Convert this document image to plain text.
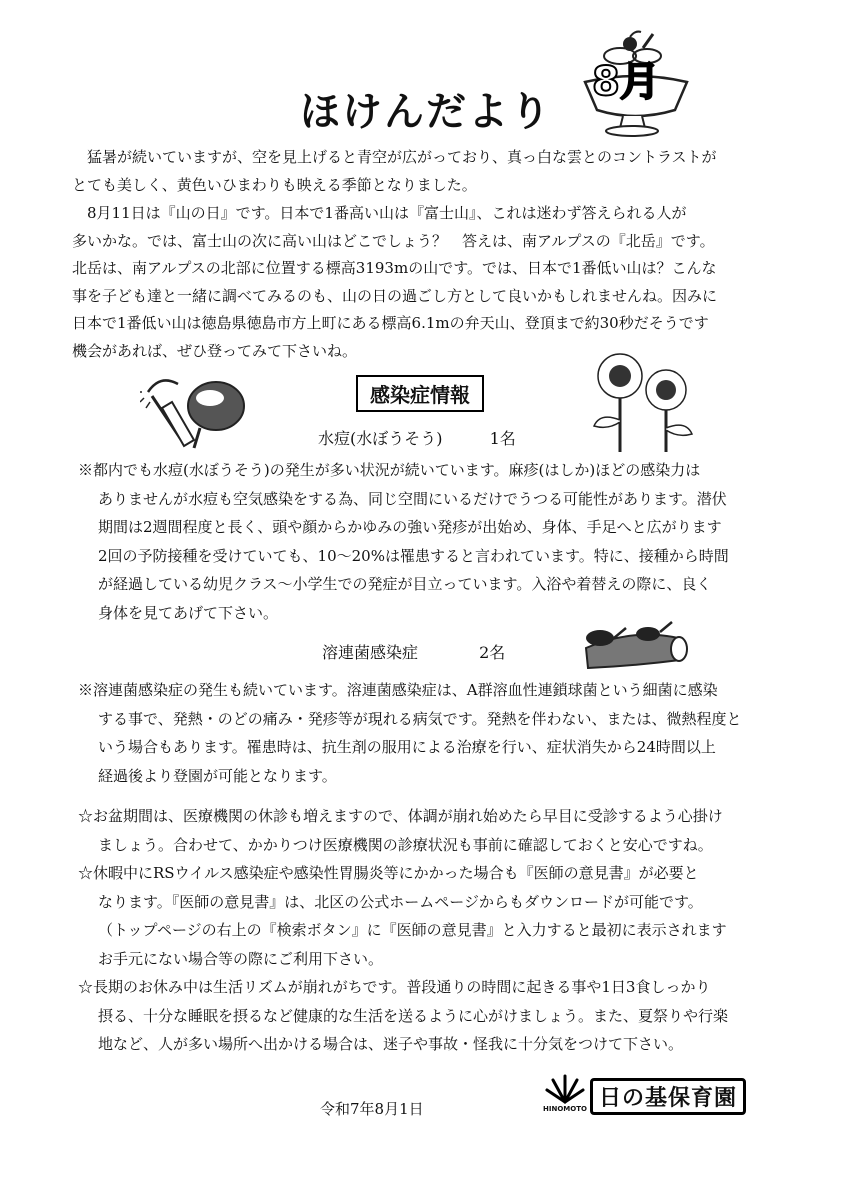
ほけんだより
8月
　猛暑が続いていますが、空を見上げると青空が広がっており、真っ白な雲とのコントラストが
とても美しく、黄色いひまわりも映える季節となりました。
　8月11日は『山の日』です。日本で1番高い山は『富士山』、これは迷わず答えられる人が
多いかな。では、富士山の次に高い山はどこでしょう？　答えは、南アルプスの『北岳』です。
北岳は、南アルプスの北部に位置する標高3193mの山です。では、日本で1番低い山は？こんな
事を子ども達と一緒に調べてみるのも、山の日の過ごし方として良いかもしれませんね。因みに
日本で1番低い山は徳島県徳島市方上町にある標高6.1mの弁天山、登頂まで約30秒だそうです
機会があれば、ぜひ登ってみて下さいね。
感染症情報
水痘(水ぼうそう)	1名
※都内でも水痘(水ぼうそう)の発生が多い状況が続いています。麻疹(はしか)ほどの感染力は
ありませんが水痘も空気感染をする為、同じ空間にいるだけでうつる可能性があります。潜伏
期間は2週間程度と長く、頭や顔からかゆみの強い発疹が出始め、身体、手足へと広がります
2回の予防接種を受けていても、10～20%は罹患すると言われています。特に、接種から時間
が経過している幼児クラス～小学生での発症が目立っています。入浴や着替えの際に、良く
身体を見てあげて下さい。
溶連菌感染症	2名
※溶連菌感染症の発生も続いています。溶連菌感染症は、A群溶血性連鎖球菌という細菌に感染
する事で、発熱・のどの痛み・発疹等が現れる病気です。発熱を伴わない、または、微熱程度と
いう場合もあります。罹患時は、抗生剤の服用による治療を行い、症状消失から24時間以上
経過後より登園が可能となります。
☆お盆期間は、医療機関の休診も増えますので、体調が崩れ始めたら早目に受診するよう心掛け
ましょう。合わせて、かかりつけ医療機関の診療状況も事前に確認しておくと安心ですね。
☆休暇中にRSウイルス感染症や感染性胃腸炎等にかかった場合も『医師の意見書』が必要と
なります。『医師の意見書』は、北区の公式ホームページからもダウンロードが可能です。
（トップページの右上の『検索ボタン』に『医師の意見書』と入力すると最初に表示されます
お手元にない場合等の際にご利用下さい。
☆長期のお休み中は生活リズムが崩れがちです。普段通りの時間に起きる事や1日3食しっかり
摂る、十分な睡眠を摂るなど健康的な生活を送るように心がけましょう。また、夏祭りや行楽
地など、人が多い場所へ出かける場合は、迷子や事故・怪我に十分気をつけて下さい。
令和7年8月1日	HINOMOTO 日の基保育園
